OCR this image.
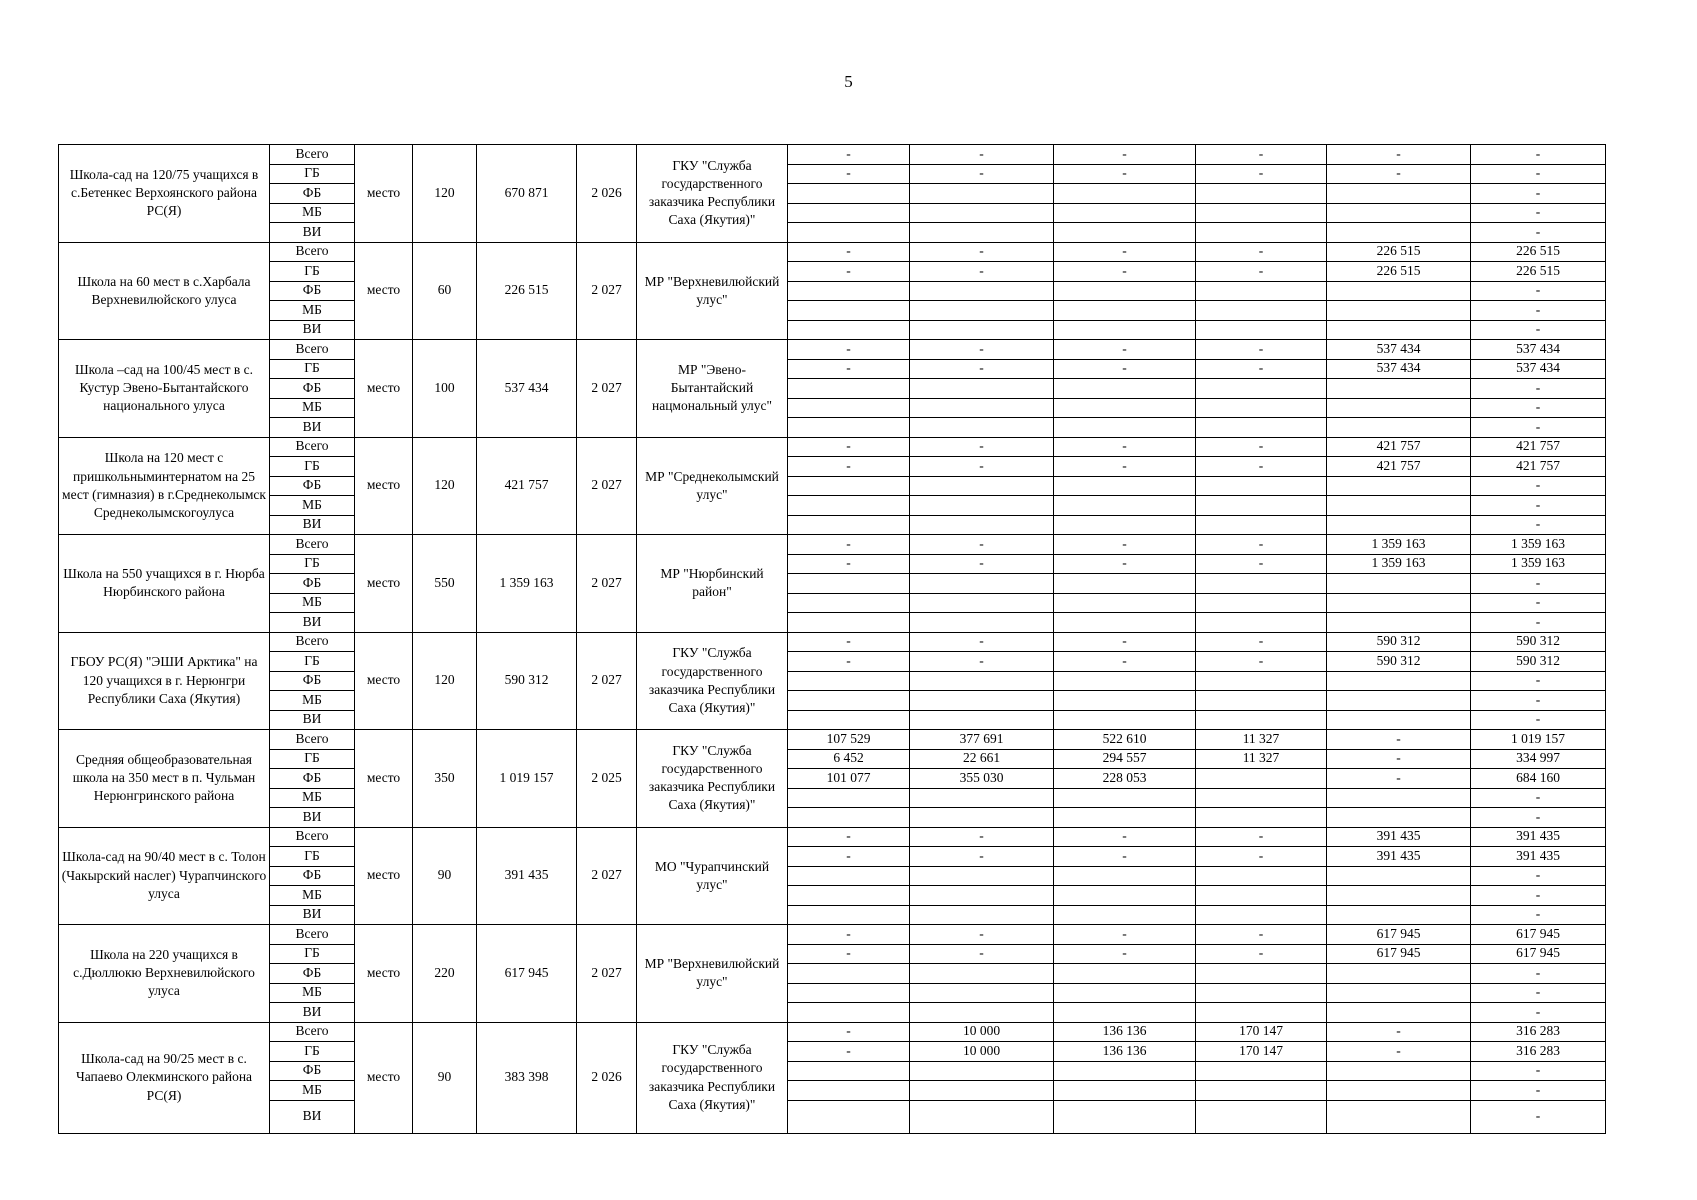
5
Школа-сад на 120/75 учащихся в с.Бетенкес Верхоянского района РС(Я)	Всего	место	120	670 871	2 026	ГКУ "Служба государственного заказчика Республики Саха (Якутия)"	-	-	-	-	-	-
	ГБ						-	-	-	-	-	-
	ФБ											-
	МБ											-
	ВИ											-
Школа на 60 мест в с.Харбала Верхневилюйского улуса	Всего	место	60	226 515	2 027	МР "Верхневилюйский улус"	-	-	-	-	226 515	226 515
	ГБ						-	-	-	-	226 515	226 515
	ФБ											-
	МБ											-
	ВИ											-
Школа –сад на 100/45 мест в с. Кустур Эвено-Бытантайского национального улуса	Всего	место	100	537 434	2 027	МР "Эвено-Бытантайский нацмональный улус"	-	-	-	-	537 434	537 434
	ГБ						-	-	-	-	537 434	537 434
	ФБ											-
	МБ											-
	ВИ											-
Школа на 120 мест с пришкольныминтернатом на 25 мест (гимназия) в г.Среднеколымск Среднеколымскогоулуса	Всего	место	120	421 757	2 027	МР "Среднеколымский улус"	-	-	-	-	421 757	421 757
	ГБ						-	-	-	-	421 757	421 757
	ФБ											-
	МБ											-
	ВИ											-
Школа на 550 учащихся в г. Нюрба Нюрбинского района	Всего	место	550	1 359 163	2 027	МР "Нюрбинский район"	-	-	-	-	1 359 163	1 359 163
	ГБ						-	-	-	-	1 359 163	1 359 163
	ФБ											-
	МБ											-
	ВИ											-
ГБОУ РС(Я) "ЭШИ Арктика" на 120 учащихся в г. Нерюнгри Республики Саха (Якутия)	Всего	место	120	590 312	2 027	ГКУ "Служба государственного заказчика Республики Саха (Якутия)"	-	-	-	-	590 312	590 312
	ГБ						-	-	-	-	590 312	590 312
	ФБ											-
	МБ											-
	ВИ											-
Средняя общеобразовательная школа на 350 мест в п. Чульман Нерюнгринского района	Всего	место	350	1 019 157	2 025	ГКУ "Служба государственного заказчика Республики Саха (Якутия)"	107 529	377 691	522 610	11 327	-	1 019 157
	ГБ						6 452	22 661	294 557	11 327	-	334 997
	ФБ						101 077	355 030	228 053		-	684 160
	МБ											-
	ВИ											-
Школа-сад на 90/40 мест в с. Толон (Чакырский наслег) Чурапчинского улуса	Всего	место	90	391 435	2 027	МО "Чурапчинский улус"	-	-	-	-	391 435	391 435
	ГБ						-	-	-	-	391 435	391 435
	ФБ											-
	МБ											-
	ВИ											-
Школа на 220 учащихся в с.Дюллюкю Верхневилюйского улуса	Всего	место	220	617 945	2 027	МР "Верхневилюйский улус"	-	-	-	-	617 945	617 945
	ГБ						-	-	-	-	617 945	617 945
	ФБ											-
	МБ											-
	ВИ											-
Школа-сад на 90/25 мест в с. Чапаево Олекминского района РС(Я)	Всего	место	90	383 398	2 026	ГКУ "Служба государственного заказчика Республики Саха (Якутия)"	-	10 000	136 136	170 147	-	316 283
	ГБ						-	10 000	136 136	170 147	-	316 283
	ФБ											-
	МБ											-
	ВИ											-
